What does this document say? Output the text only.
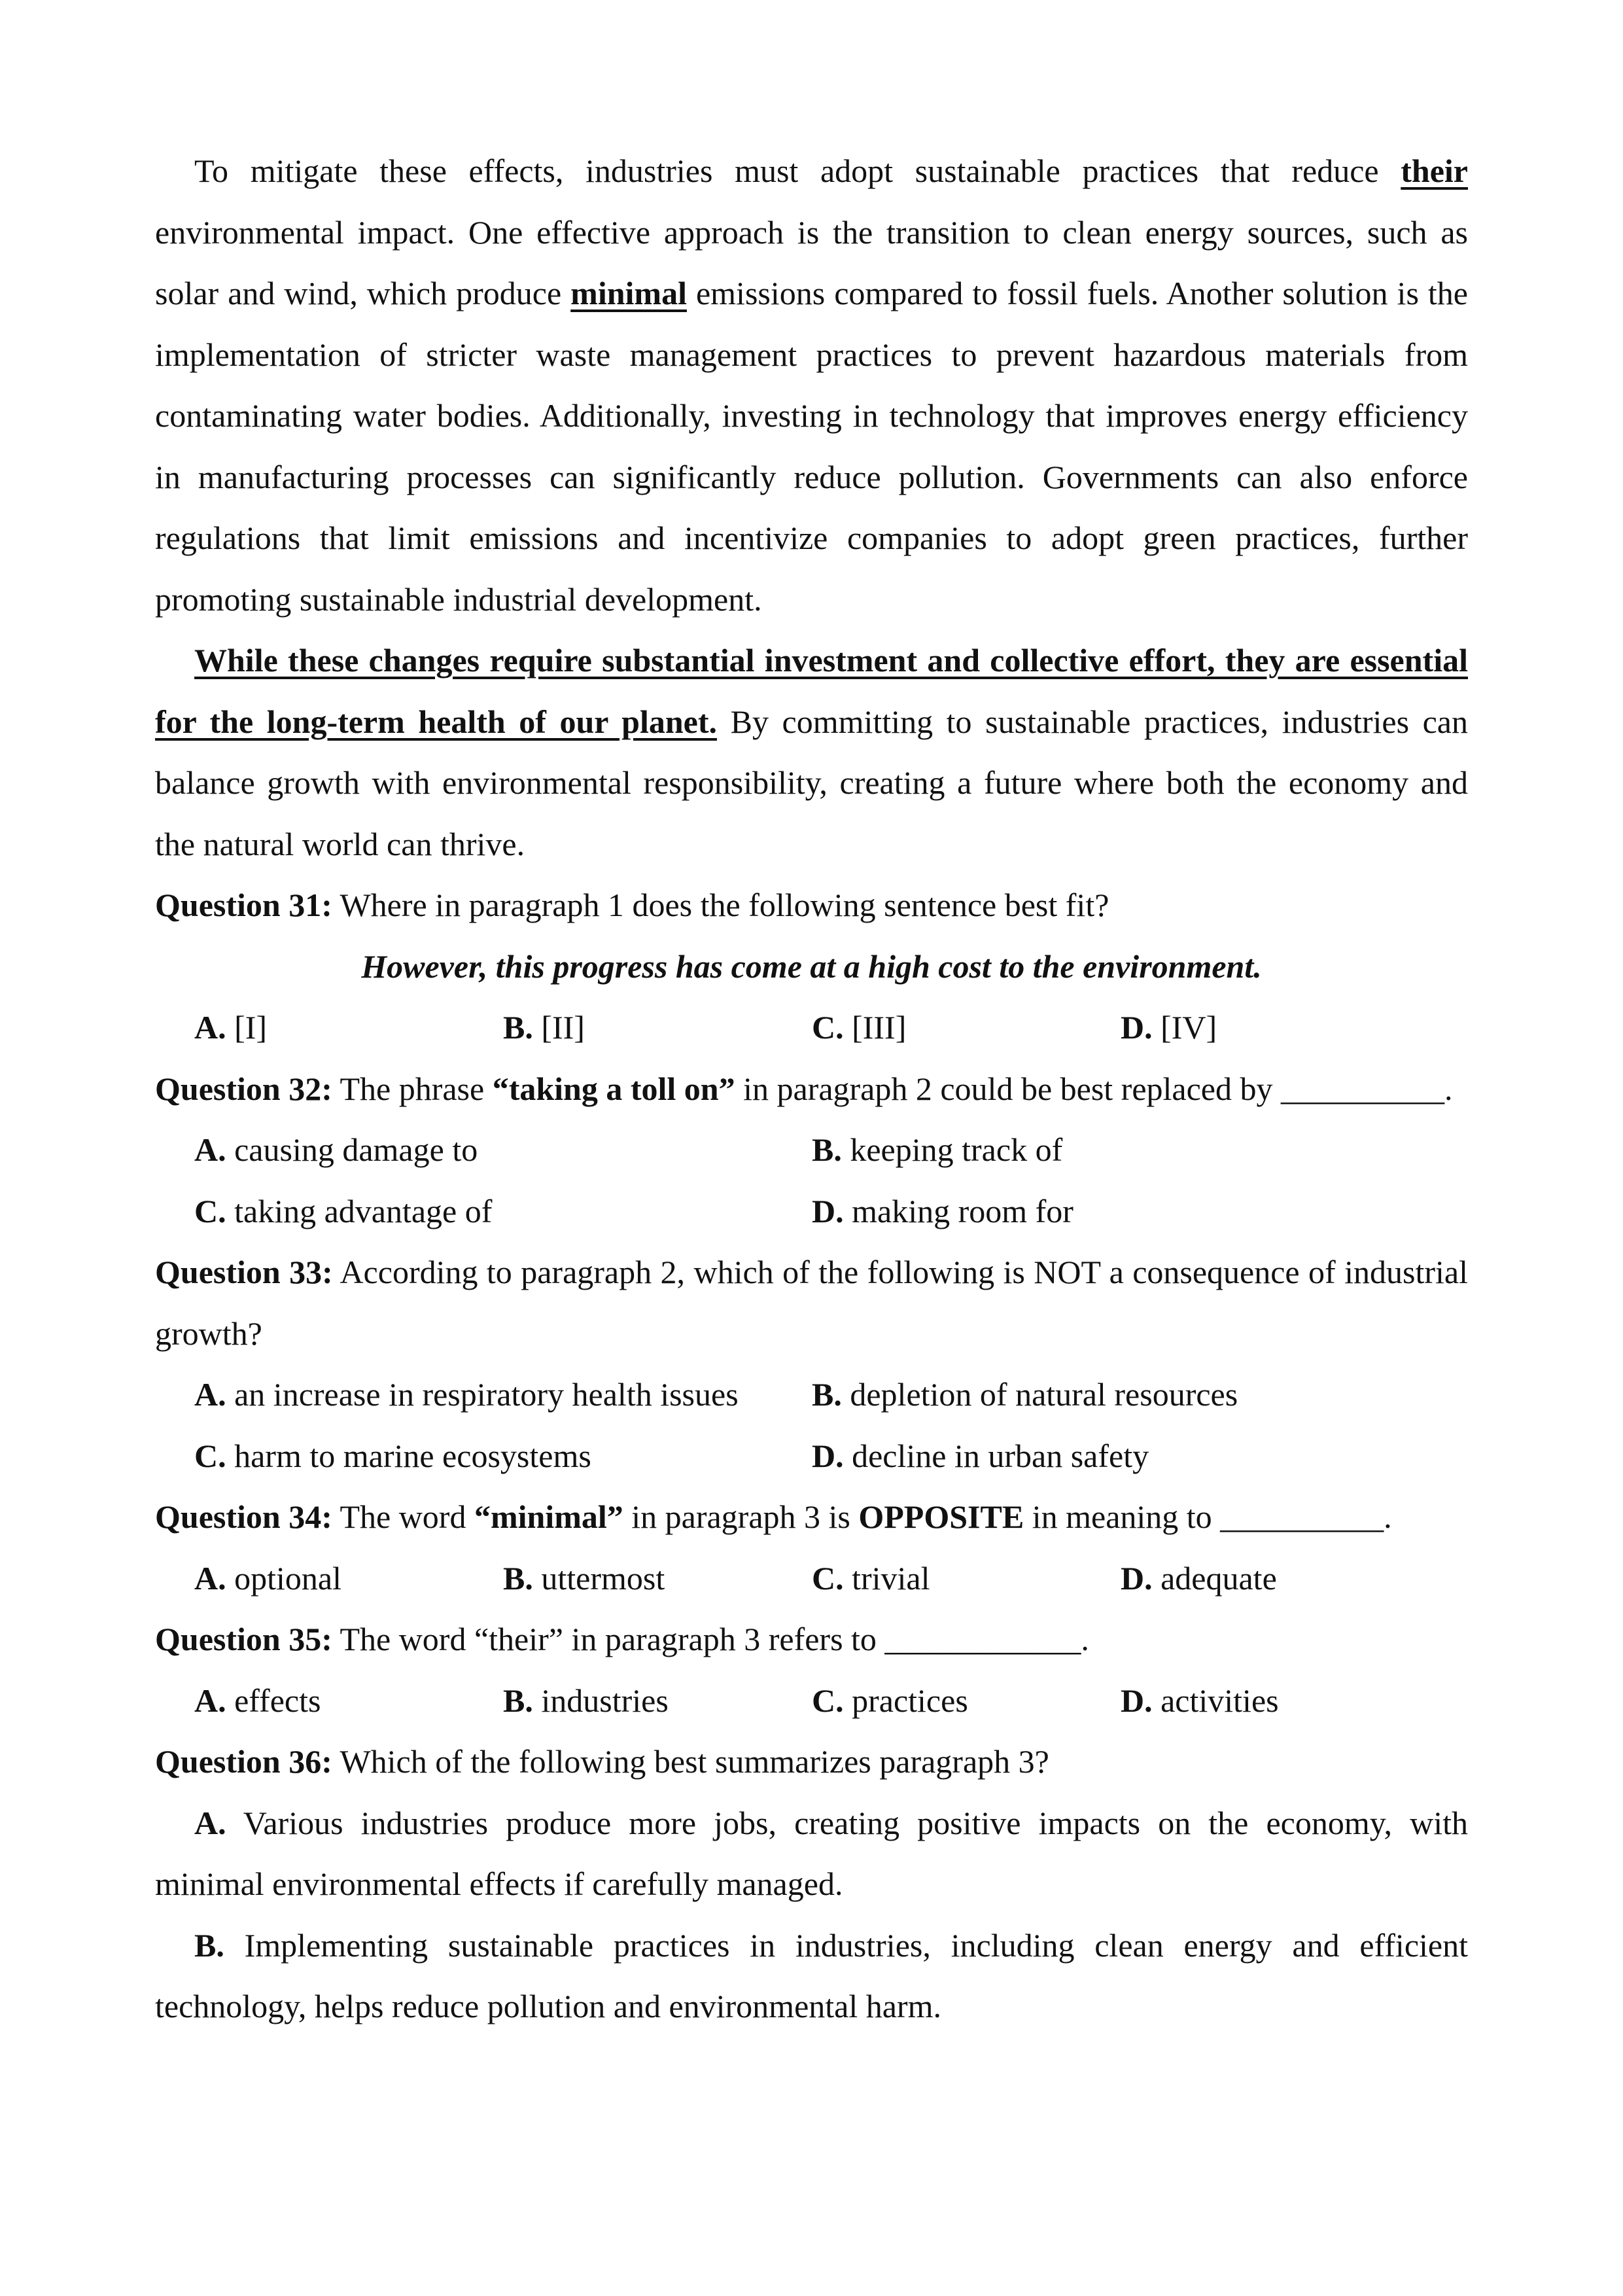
To mitigate these effects, industries must adopt sustainable practices that reduce their environmental impact. One effective approach is the transition to clean energy sources, such as solar and wind, which produce minimal emissions compared to fossil fuels. Another solution is the implementation of stricter waste management practices to prevent hazardous materials from contaminating water bodies. Additionally, investing in technology that improves energy efficiency in manufacturing processes can significantly reduce pollution. Governments can also enforce regulations that limit emissions and incentivize companies to adopt green practices, further promoting sustainable industrial development.

While these changes require substantial investment and collective effort, they are essential for the long-term health of our planet. By committing to sustainable practices, industries can balance growth with environmental responsibility, creating a future where both the economy and the natural world can thrive.

Question 31: Where in paragraph 1 does the following sentence best fit?

However, this progress has come at a high cost to the environment.

A. [I]	B. [II]	C. [III]	D. [IV]

Question 32: The phrase “taking a toll on” in paragraph 2 could be best replaced by __________.

A. causing damage to	B. keeping track of
C. taking advantage of	D. making room for

Question 33: According to paragraph 2, which of the following is NOT a consequence of industrial growth?

A. an increase in respiratory health issues	B. depletion of natural resources
C. harm to marine ecosystems	D. decline in urban safety

Question 34: The word “minimal” in paragraph 3 is OPPOSITE in meaning to __________.

A. optional	B. uttermost	C. trivial	D. adequate

Question 35: The word “their” in paragraph 3 refers to ____________.

A. effects	B. industries	C. practices	D. activities

Question 36: Which of the following best summarizes paragraph 3?

A. Various industries produce more jobs, creating positive impacts on the economy, with minimal environmental effects if carefully managed.

B. Implementing sustainable practices in industries, including clean energy and efficient technology, helps reduce pollution and environmental harm.
